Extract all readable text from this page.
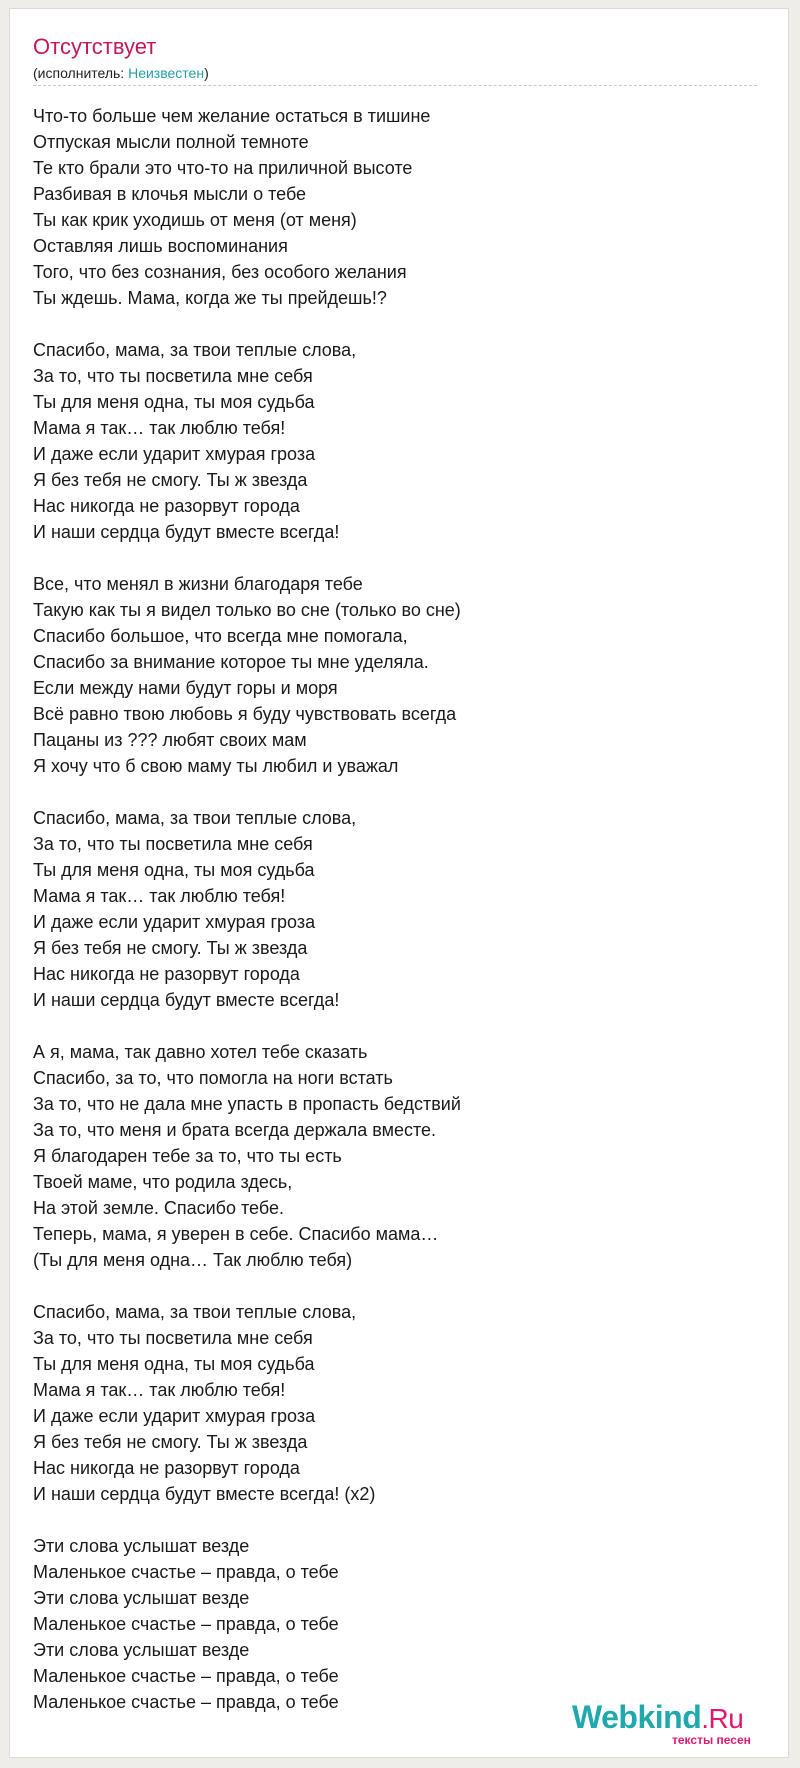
Отсутствует
(исполнитель: Неизвестен)
Что-то больше чем желание остаться в тишине
Отпуская мысли полной темноте
Те кто брали это что-то на приличной высоте
Разбивая в клочья мысли о тебе
Ты как крик уходишь от меня (от меня)
Оставляя лишь воспоминания
Того, что без сознания, без особого желания
Ты ждешь. Мама, когда же ты прейдешь!?
Спасибо, мама, за твои теплые слова,
За то, что ты посветила мне себя
Ты для меня одна, ты моя судьба
Мама я так… так люблю тебя!
И даже если ударит хмурая гроза
Я без тебя не смогу. Ты ж звезда
Нас никогда не разорвут города
И наши сердца будут вместе всегда!
Все, что менял в жизни благодаря тебе
Такую как ты я видел только во сне (только во сне)
Спасибо большое, что всегда мне помогала,
Спасибо за внимание которое ты мне уделяла.
Если между нами будут горы и моря
Всё равно твою любовь я буду чувствовать всегда
Пацаны из ??? любят своих мам
Я хочу что б свою маму ты любил и уважал
Спасибо, мама, за твои теплые слова,
За то, что ты посветила мне себя
Ты для меня одна, ты моя судьба
Мама я так… так люблю тебя!
И даже если ударит хмурая гроза
Я без тебя не смогу. Ты ж звезда
Нас никогда не разорвут города
И наши сердца будут вместе всегда!
А я, мама, так давно хотел тебе сказать
Спасибо, за то, что помогла на ноги встать
За то, что не дала мне упасть в пропасть бедствий
За то, что меня и брата всегда держала вместе.
Я благодарен тебе за то, что ты есть
Твоей маме, что родила здесь,
На этой земле. Спасибо тебе.
Теперь, мама, я уверен в себе. Спасибо мама…
(Ты для меня одна… Так люблю тебя)
Спасибо, мама, за твои теплые слова,
За то, что ты посветила мне себя
Ты для меня одна, ты моя судьба
Мама я так… так люблю тебя!
И даже если ударит хмурая гроза
Я без тебя не смогу. Ты ж звезда
Нас никогда не разорвут города
И наши сердца будут вместе всегда! (x2)
Эти слова услышат везде
Маленькое счастье – правда, о тебе
Эти слова услышат везде
Маленькое счастье – правда, о тебе
Эти слова услышат везде
Маленькое счастье – правда, о тебе
Маленькое счастье – правда, о тебе	Webkind.Ru
тексты песен
